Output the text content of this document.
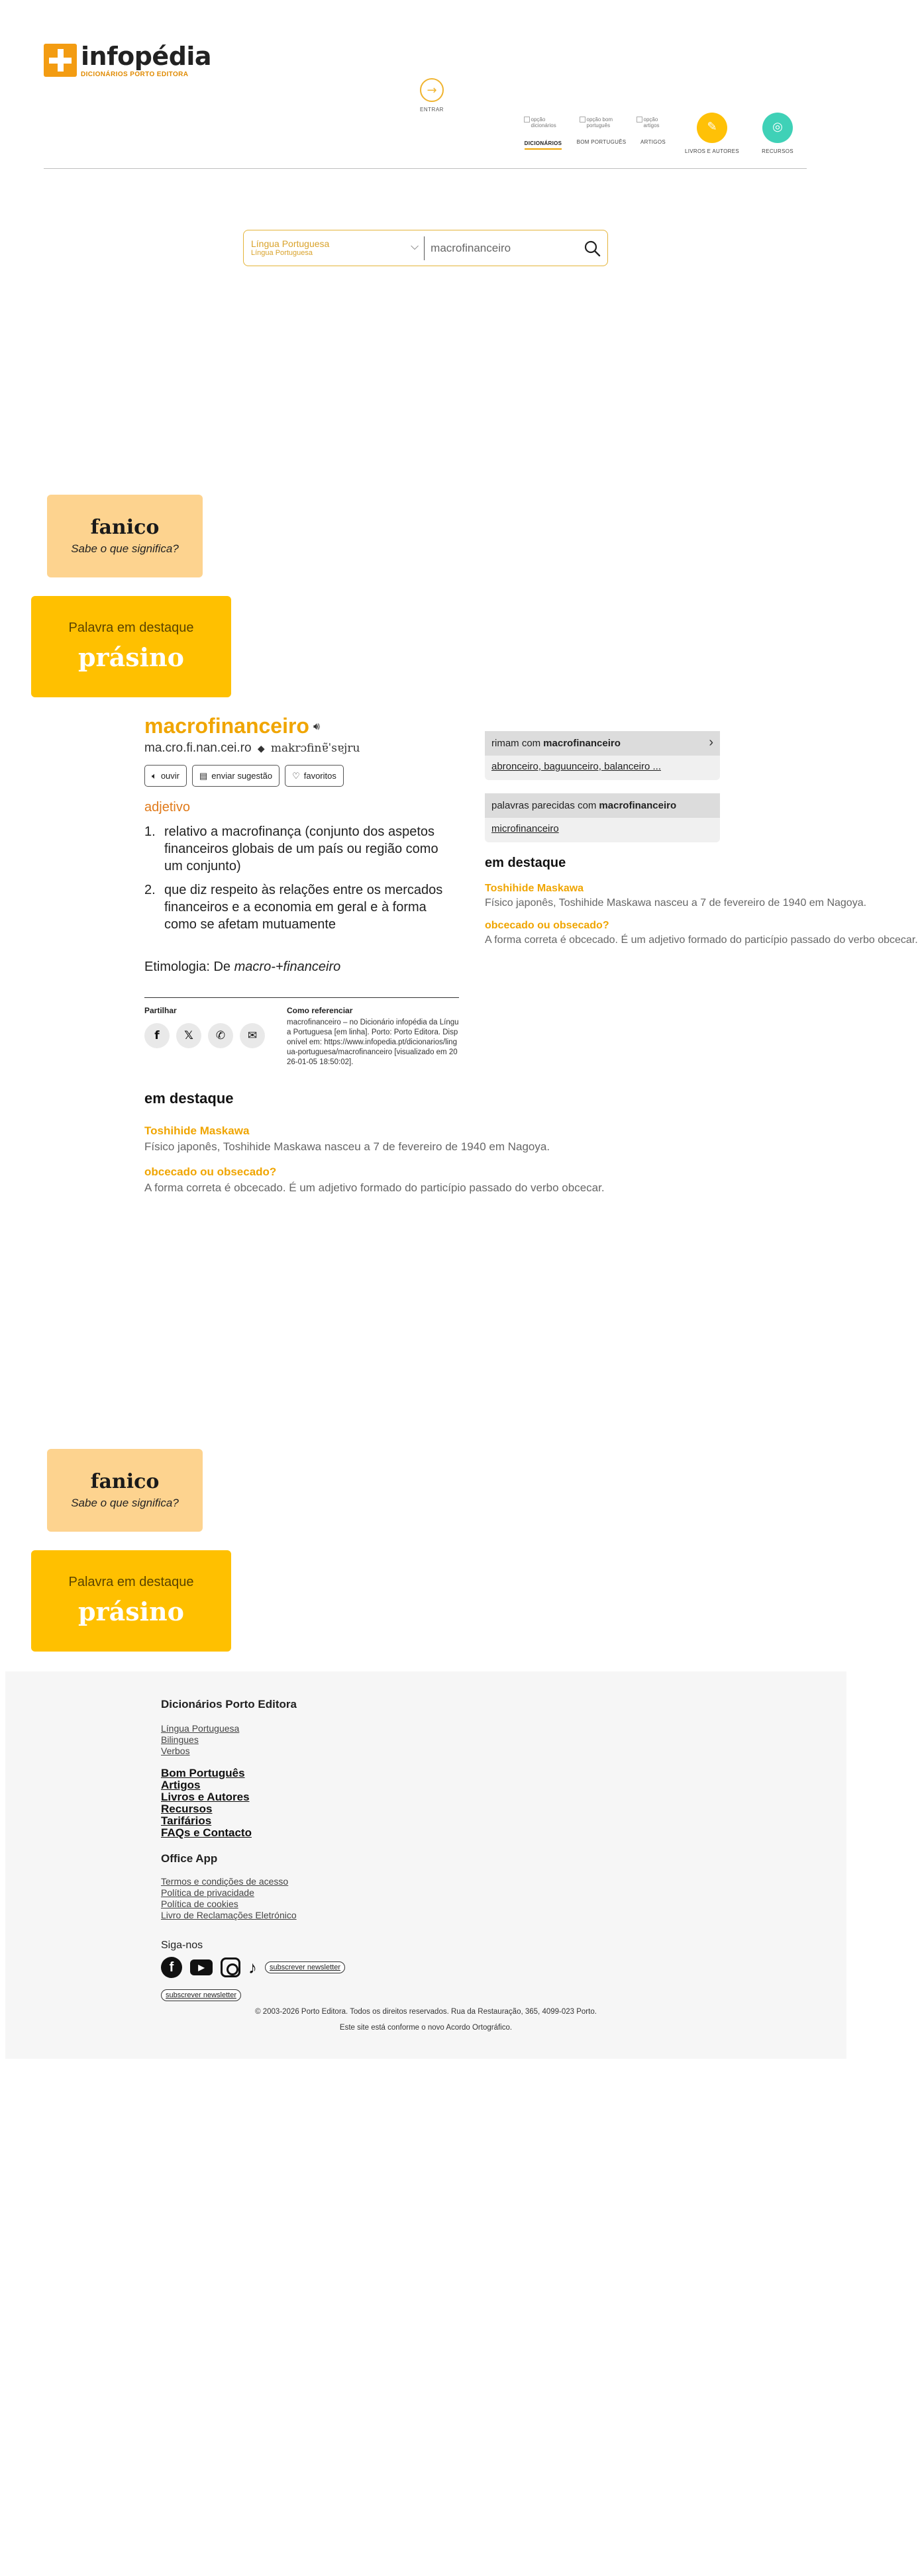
infopédia
DICIONÁRIOS PORTO EDITORA
→
ENTRAR
opção dicionários
DICIONÁRIOS
opção bom português
BOM PORTUGUÊS
opção artigos
ARTIGOS
✎
LIVROS E AUTORES
◎
RECURSOS
Língua Portuguesa
Língua Portuguesa
⌵
macrofinanceiro
fanico
Sabe o que significa?
Palavra em destaque
prásino
macrofinanceiro 🔊︎
ma.cro.fi.nan.cei.ro ◆ makrɔfinɐ̃ˈsɐjru
🔈︎ ouvir ▤ enviar sugestão ♡ favoritos
adjetivo
1. relativo a macrofinança (conjunto dos aspetos financeiros globais de um país ou região como um conjunto)
2. que diz respeito às relações entre os mercados financeiros e a economia em geral e à forma como se afetam mutuamente
Etimologia: De macro-+financeiro
Partilhar
f	𝕏	✆	✉
Como referenciar
macrofinanceiro – no Dicionário infopédia da Língua Portuguesa [em linha]. Porto: Porto Editora. Disponível em: https://www.infopedia.pt/dicionarios/lingua-portuguesa/macrofinanceiro [visualizado em 2026-01-05 18:50:02].
em destaque
Toshihide Maskawa
Físico japonês, Toshihide Maskawa nasceu a 7 de fevereiro de 1940 em Nagoya.
obcecado ou obsecado?
A forma correta é obcecado. É um adjetivo formado do particípio passado do verbo obcecar.
rimam com macrofinanceiro	›
abronceiro, baguunceiro, balanceiro ...
palavras parecidas com macrofinanceiro
microfinanceiro
em destaque
Toshihide Maskawa
Físico japonês, Toshihide Maskawa nasceu a 7 de fevereiro de 1940 em Nagoya.
obcecado ou obsecado?
A forma correta é obcecado. É um adjetivo formado do particípio passado do verbo obcecar.
fanico
Sabe o que significa?
Palavra em destaque
prásino
Dicionários Porto Editora
Língua Portuguesa
Bilingues
Verbos
Bom Português
Artigos
Livros e Autores
Recursos
Tarifários
FAQs e Contacto
Office App
Termos e condições de acesso
Política de privacidade
Política de cookies
Livro de Reclamações Eletrónico
Siga-nos
f	▶	♪	subscrever newsletter
subscrever newsletter
© 2003-2026 Porto Editora. Todos os direitos reservados. Rua da Restauração, 365, 4099-023 Porto.
Este site está conforme o novo Acordo Ortográfico.
